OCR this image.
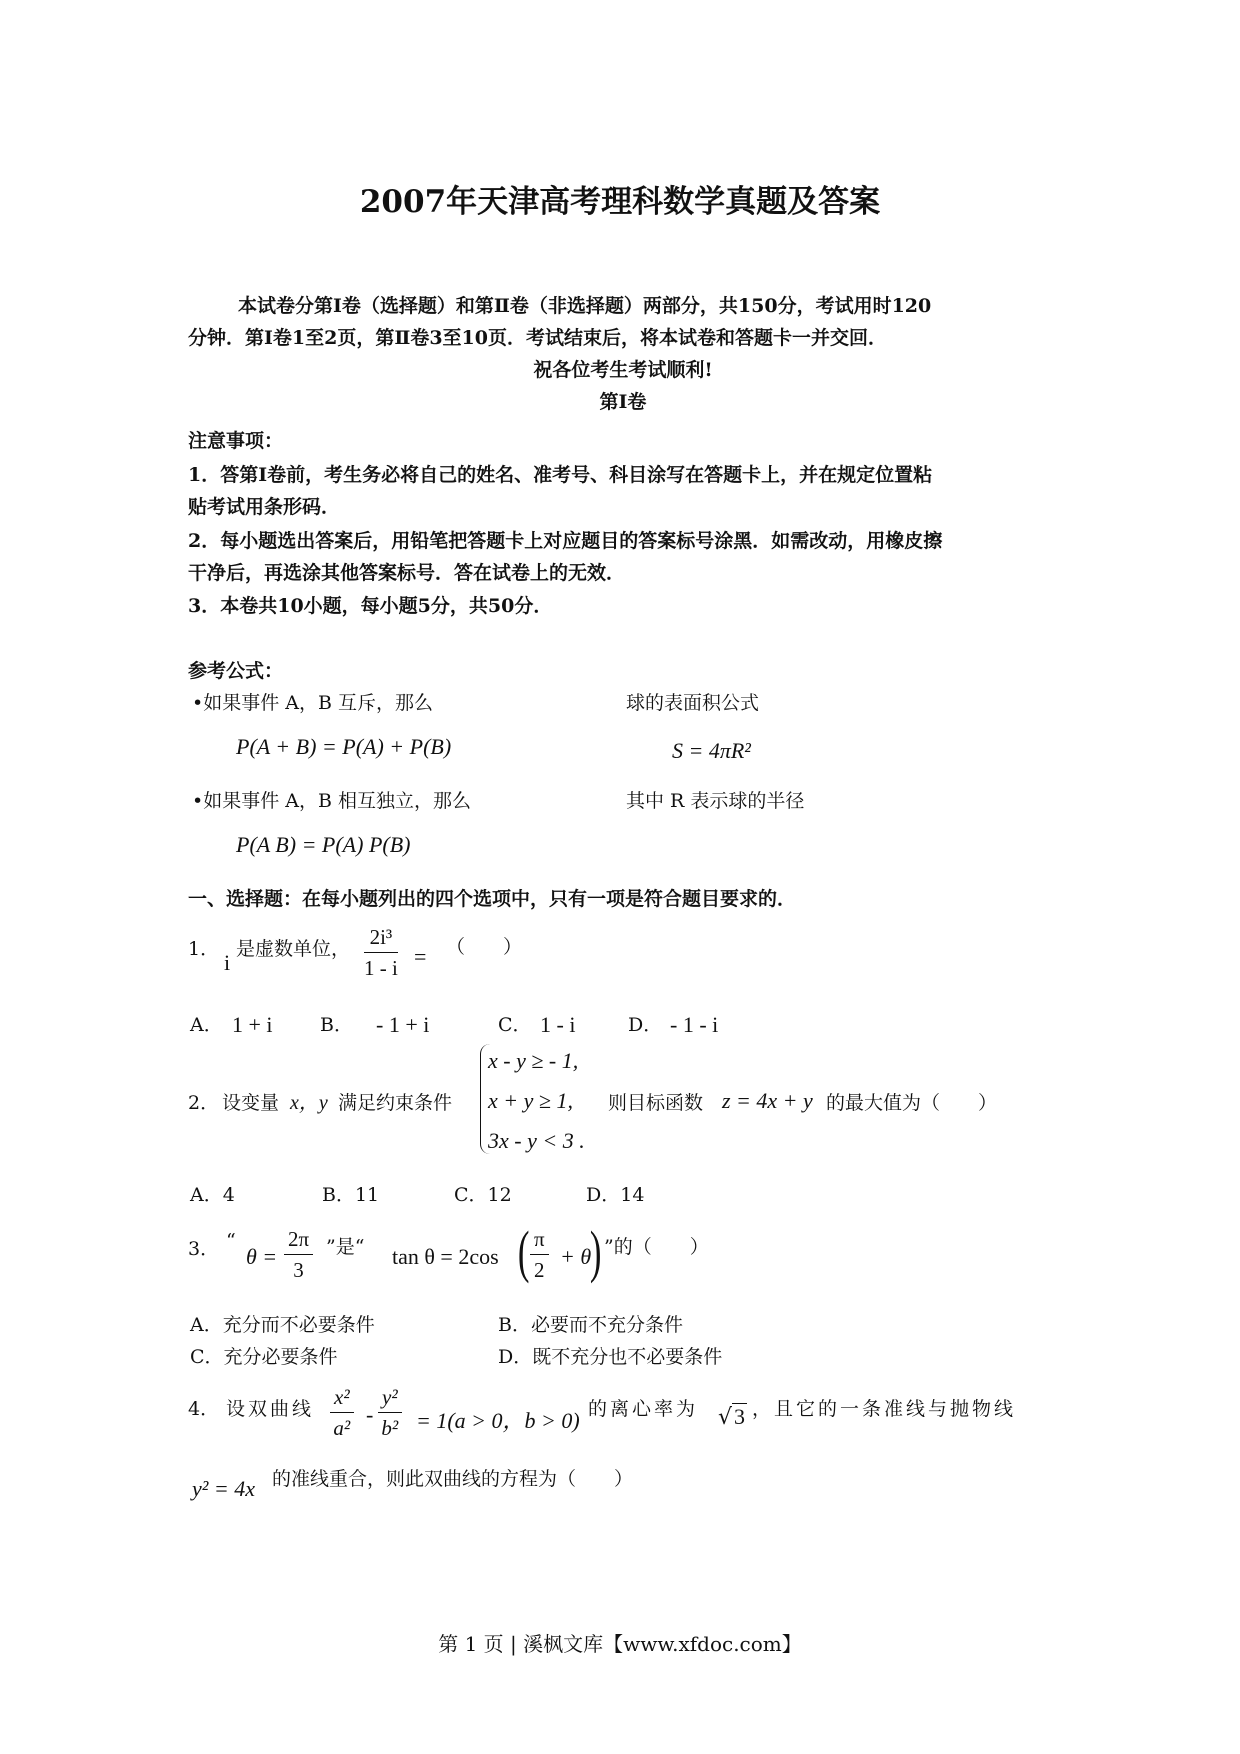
2007年天津高考理科数学真题及答案
本试卷分第Ⅰ卷（选择题）和第Ⅱ卷（非选择题）两部分，共150分，考试用时120
分钟．第Ⅰ卷1至2页，第Ⅱ卷3至10页．考试结束后，将本试卷和答题卡一并交回．
祝各位考生考试顺利!
第Ⅰ卷
注意事项：
1．答第Ⅰ卷前，考生务必将自己的姓名、准考号、科目涂写在答题卡上，并在规定位置粘
贴考试用条形码．
2．每小题选出答案后，用铅笔把答题卡上对应题目的答案标号涂黑．如需改动，用橡皮擦
干净后，再选涂其他答案标号．答在试卷上的无效．
3．本卷共10小题，每小题5分，共50分．
参考公式：
•如果事件 A，B 互斥，那么
P(A + B) = P(A) + P(B)
•如果事件 A，B 相互独立，那么
P(A B) = P(A) P(B)
球的表面积公式
S = 4πR²
其中 R 表示球的半径
一、选择题：在每小题列出的四个选项中，只有一项是符合题目要求的．
1．
i
是虚数单位， $\frac{\text{2i³}}{1 - i}$ = （　　）
A． 1 + i B． - 1 + i	C． 1 - i	D． - 1 - i
2． 设变量 x，y 满足约束条件
x - y ≥ - 1,
x + y ≥ 1,
3x - y < 3 .
则目标函数 z = 4x + y 的最大值为（　　）
A．4	B．11	C．12	D．14
3． “
$\theta = \frac{2\pi}{3}$ ”是“ tan θ = 2cos ( $\frac{\pi}{2} + \theta$
) ”的（　　）
A．充分而不必要条件	B．必要而不充分条件
C．充分必要条件	D．既不充分也不必要条件
4． 设双曲线 $\frac{\text{x²}}{\text{a²}} - \frac{\text{y²}}{\text{b²}} = 1(a > 0$，b > 0) 的离心率为 √3 ，且它的一条准线与抛物线
y² = 4x 的准线重合，则此双曲线的方程为（　　）
第 1 页 | 溪枫文库【www.xfdoc.com】
